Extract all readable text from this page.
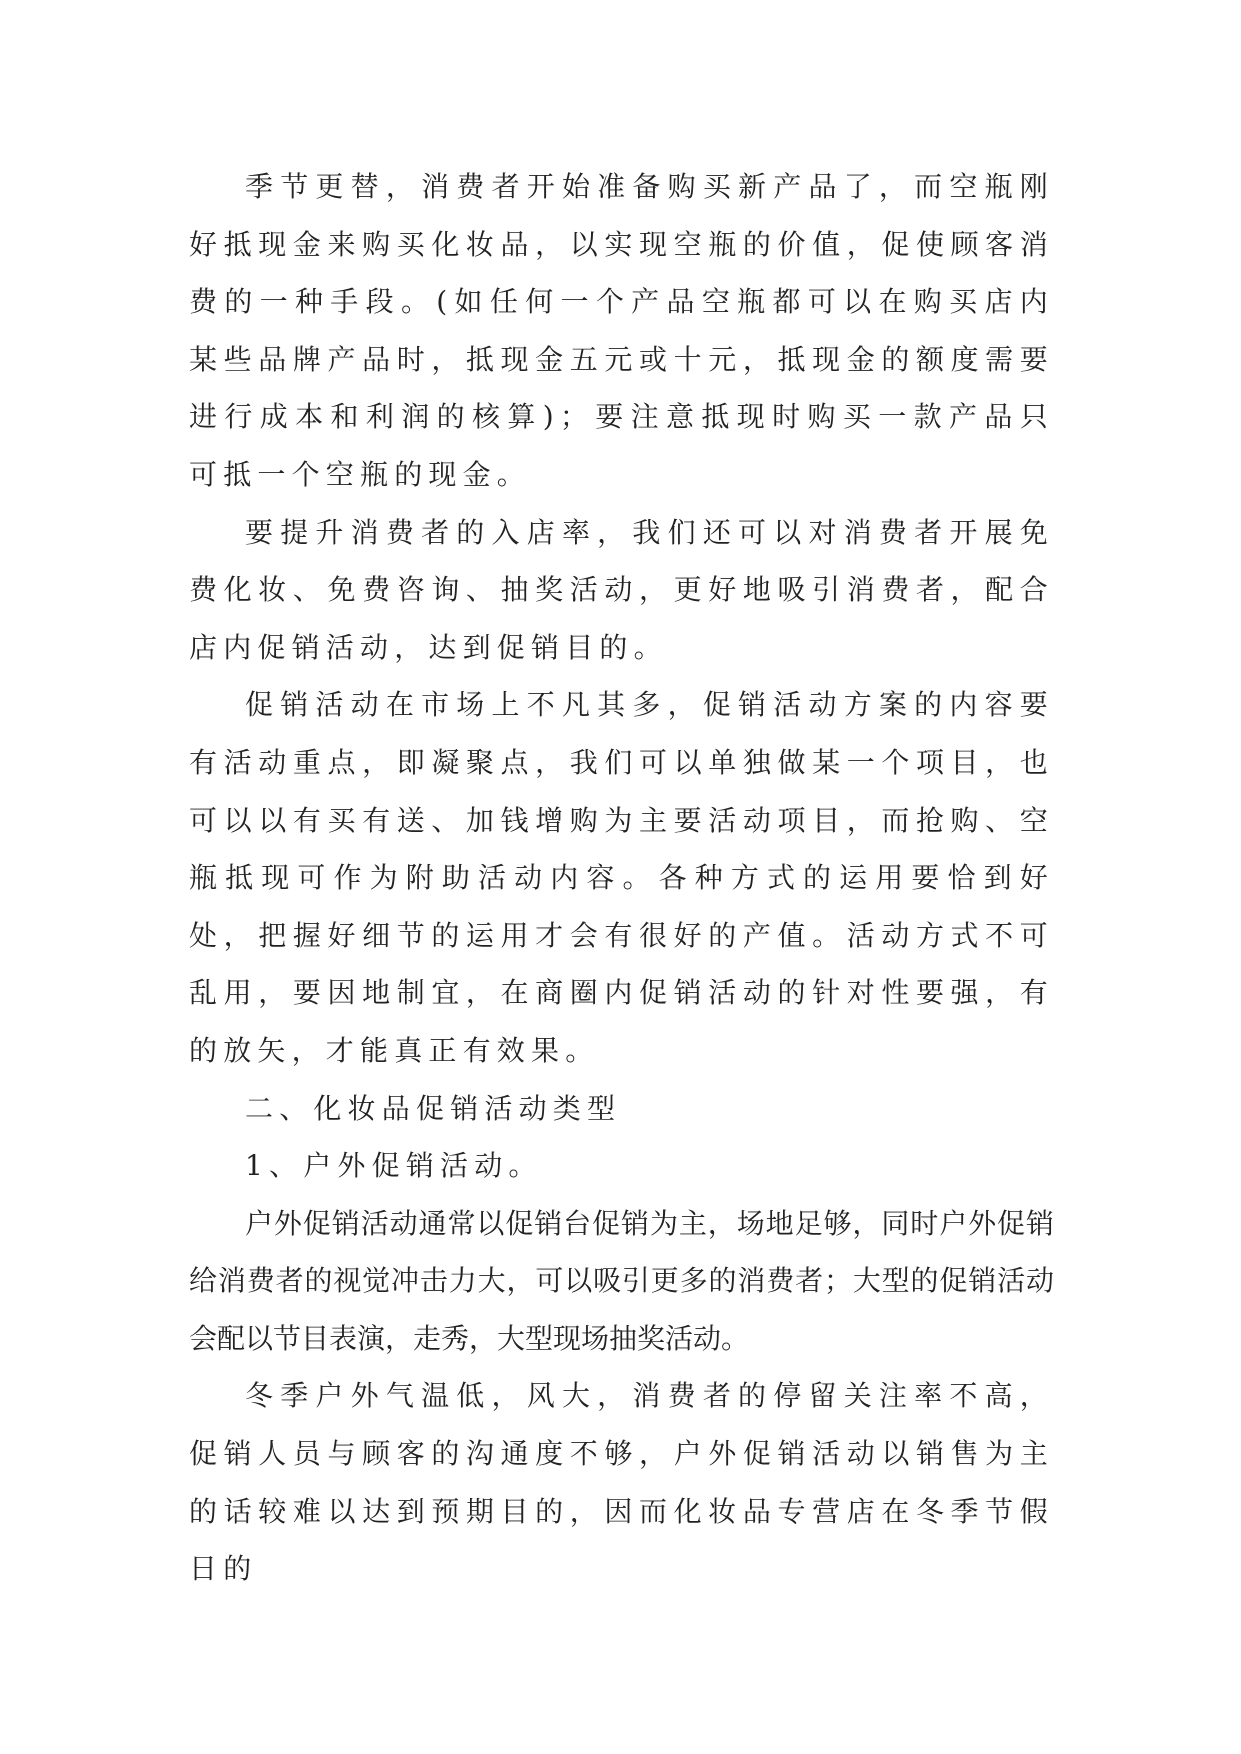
季节更替，消费者开始准备购买新产品了，而空瓶刚好抵现金来购买化妆品，以实现空瓶的价值，促使顾客消费的一种手段。(如任何一个产品空瓶都可以在购买店内某些品牌产品时，抵现金五元或十元，抵现金的额度需要进行成本和利润的核算)；要注意抵现时购买一款产品只可抵一个空瓶的现金。

要提升消费者的入店率，我们还可以对消费者开展免费化妆、免费咨询、抽奖活动，更好地吸引消费者，配合店内促销活动，达到促销目的。

促销活动在市场上不凡其多，促销活动方案的内容要有活动重点，即凝聚点，我们可以单独做某一个项目，也可以以有买有送、加钱增购为主要活动项目，而抢购、空瓶抵现可作为附助活动内容。各种方式的运用要恰到好处，把握好细节的运用才会有很好的产值。活动方式不可乱用，要因地制宜，在商圈内促销活动的针对性要强，有的放矢，才能真正有效果。

二、化妆品促销活动类型

1、户外促销活动。

户外促销活动通常以促销台促销为主，场地足够，同时户外促销给消费者的视觉冲击力大，可以吸引更多的消费者；大型的促销活动会配以节目表演，走秀，大型现场抽奖活动。

冬季户外气温低，风大，消费者的停留关注率不高，促销人员与顾客的沟通度不够，户外促销活动以销售为主的话较难以达到预期目的，因而化妆品专营店在冬季节假日的
